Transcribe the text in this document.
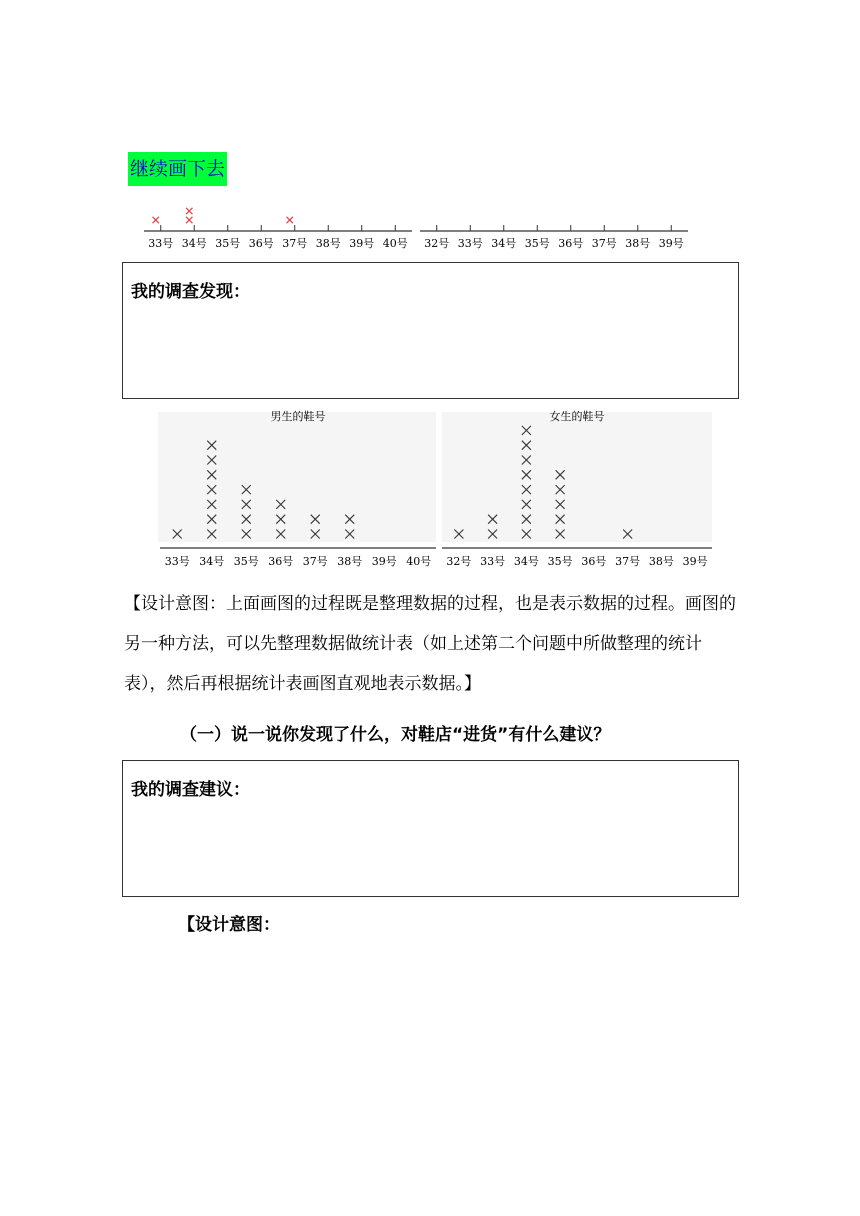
继续画下去
33号 34号 35号 36号 37号 38号 39号 40号 32号 33号 34号 35号 36号 37号 38号 39号
我的调查发现：
男生的鞋号
33号 34号 35号 36号 37号 38号 39号 40号
女生的鞋号
32号 33号 34号 35号 36号 37号 38号 39号
【设计意图：上面画图的过程既是整理数据的过程，也是表示数据的过程。画图的另一种方法，可以先整理数据做统计表（如上述第二个问题中所做整理的统计表），然后再根据统计表画图直观地表示数据。】
（一）说一说你发现了什么，对鞋店“进货”有什么建议？
我的调查建议：
【设计意图：
